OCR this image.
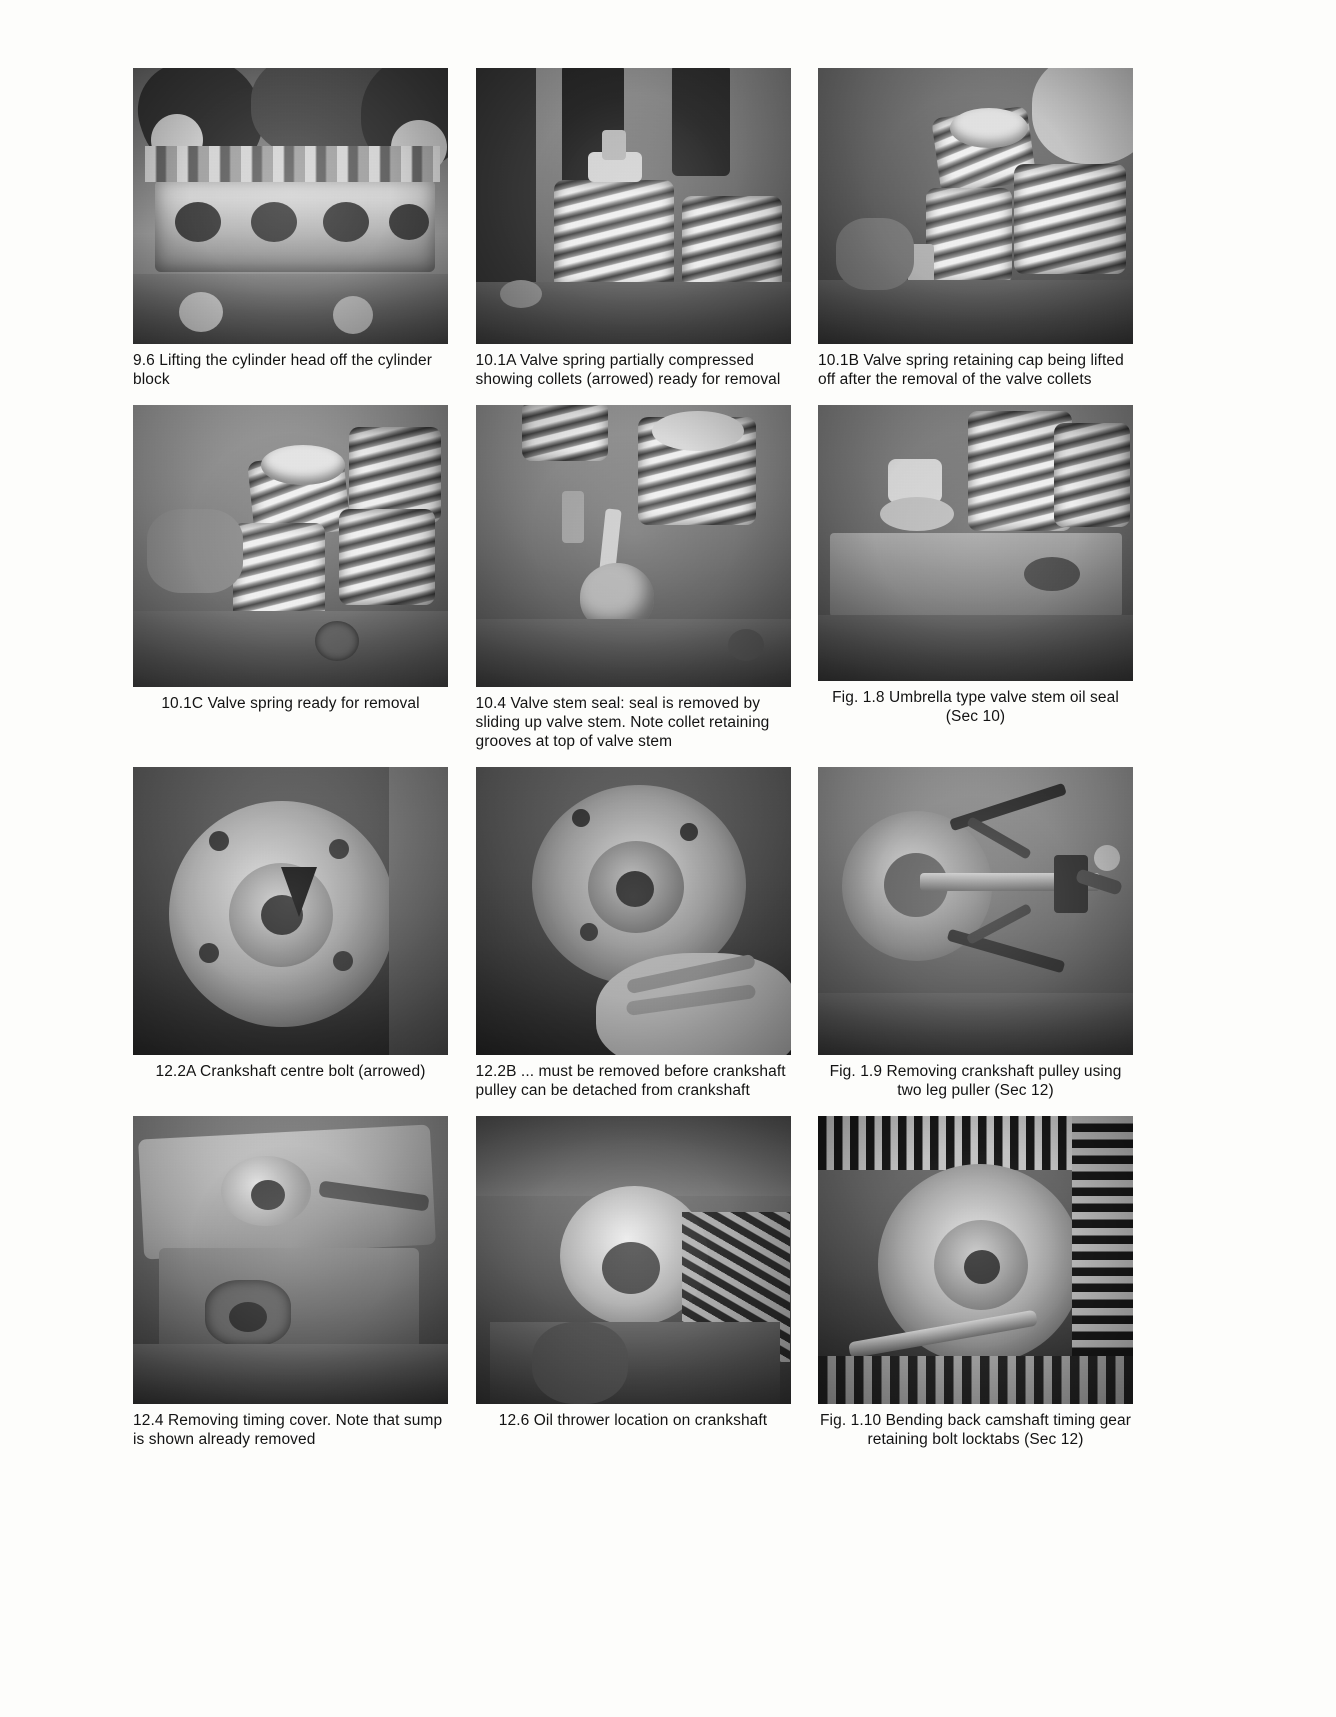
9.6 Lifting the cylinder head off the cylinder block
10.1A Valve spring partially compressed showing collets (arrowed) ready for removal
10.1B Valve spring retaining cap being lifted off after the removal of the valve collets
10.1C Valve spring ready for removal	10.4 Valve stem seal: seal is removed by sliding up valve stem. Note collet retaining grooves at top of valve stem
Fig. 1.8 Umbrella type valve stem oil seal (Sec 10)
12.2A Crankshaft centre bolt (arrowed)	12.2B ... must be removed before crankshaft pulley can be detached from crankshaft
Fig. 1.9 Removing crankshaft pulley using two leg puller (Sec 12)
12.4 Removing timing cover. Note that sump is shown already removed
12.6 Oil thrower location on crankshaft	Fig. 1.10 Bending back camshaft timing gear retaining bolt locktabs (Sec 12)
